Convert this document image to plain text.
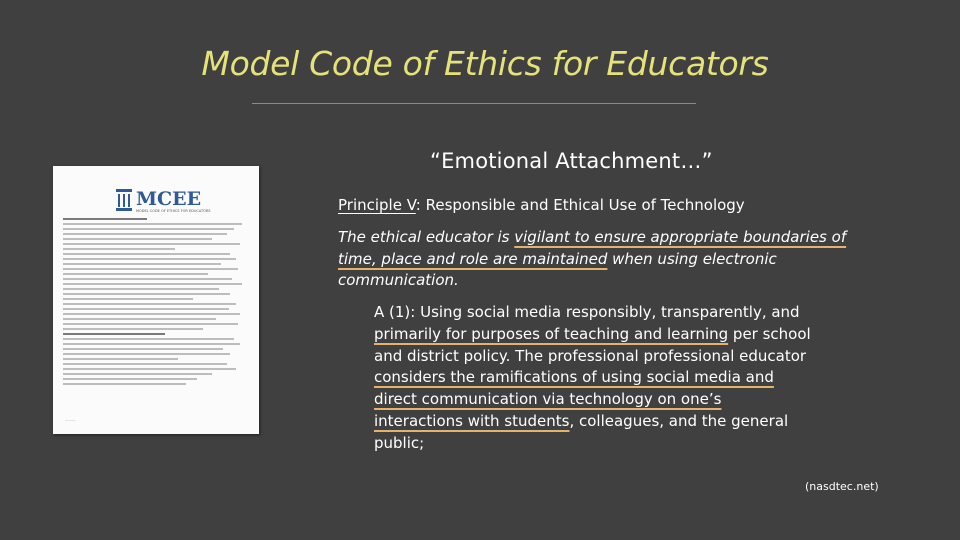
Model Code of Ethics for Educators
“Emotional Attachment…”
MCEE
MODEL CODE OF ETHICS FOR EDUCATORS
———
Principle V: Responsible and Ethical Use of Technology
The ethical educator is vigilant to ensure appropriate boundaries of time, place and role are maintained when using electronic communication.
A (1): Using social media responsibly, transparently, and primarily for purposes of teaching and learning per school and district policy. The professional professional educator considers the ramifications of using social media and direct communication via technology on one’s interactions with students, colleagues, and the general public;
(nasdtec.net)
